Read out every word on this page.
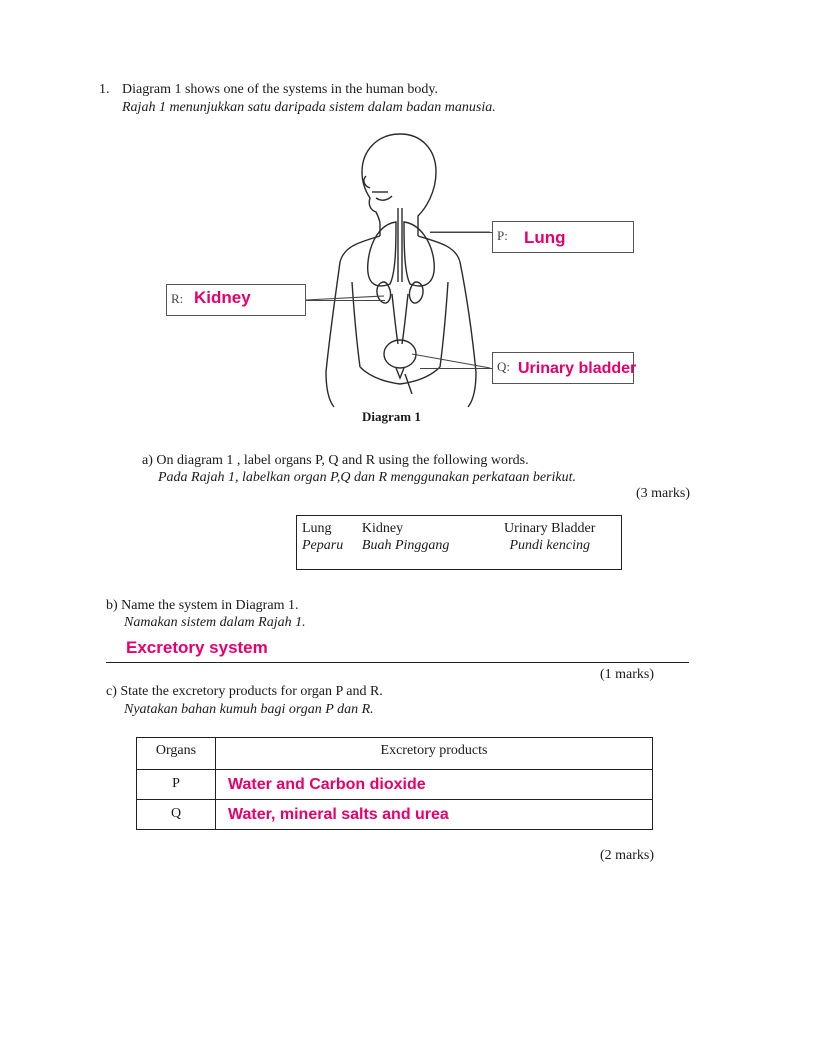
1. Diagram 1 shows one of the systems in the human body.
Rajah 1 menunjukkan satu daripada sistem dalam badan manusia.
P: Lung
Q: Urinary bladder
R: Kidney
Diagram 1
a) On diagram 1 , label organs P, Q and R using the following words.
Pada Rajah 1, labelkan organ P,Q dan R menggunakan perkataan berikut.
(3 marks)
Lung
Peparu

Kidney
Buah Pinggang

Urinary Bladder
Pundi kencing
b) Name the system in Diagram 1.
Namakan sistem dalam Rajah 1.
Excretory system
(1 marks)
c) State the excretory products for organ P and R.
Nyatakan bahan kumuh bagi organ P dan R.
Organs	Excretory products
P	Water and Carbon dioxide
Q	Water, mineral salts and urea
(2 marks)
